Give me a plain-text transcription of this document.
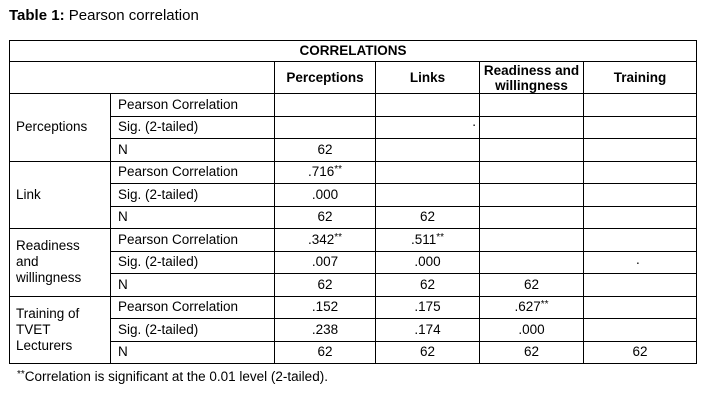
Table 1: Pearson correlation
CORRELATIONS					
		Perceptions	Links	Readiness and
willingness	Training
Perceptions	Pearson Correlation				
	Sig. (2-tailed)		.		

	N	62			
Link	Pearson Correlation	.716**			
	Sig. (2-tailed)	.000			
	N	62	62		

Readiness
and
willingness	Pearson Correlation	.342**	.511**		
	Sig. (2-tailed)	.007	.000		.

	N	62	62	62	

Training of
TVET
Lecturers	Pearson Correlation	.152	.175	.627**	
	Sig. (2-tailed)	.238	.174	.000	
	N	62	62	62	62
**Correlation is significant at the 0.01 level (2-tailed).
